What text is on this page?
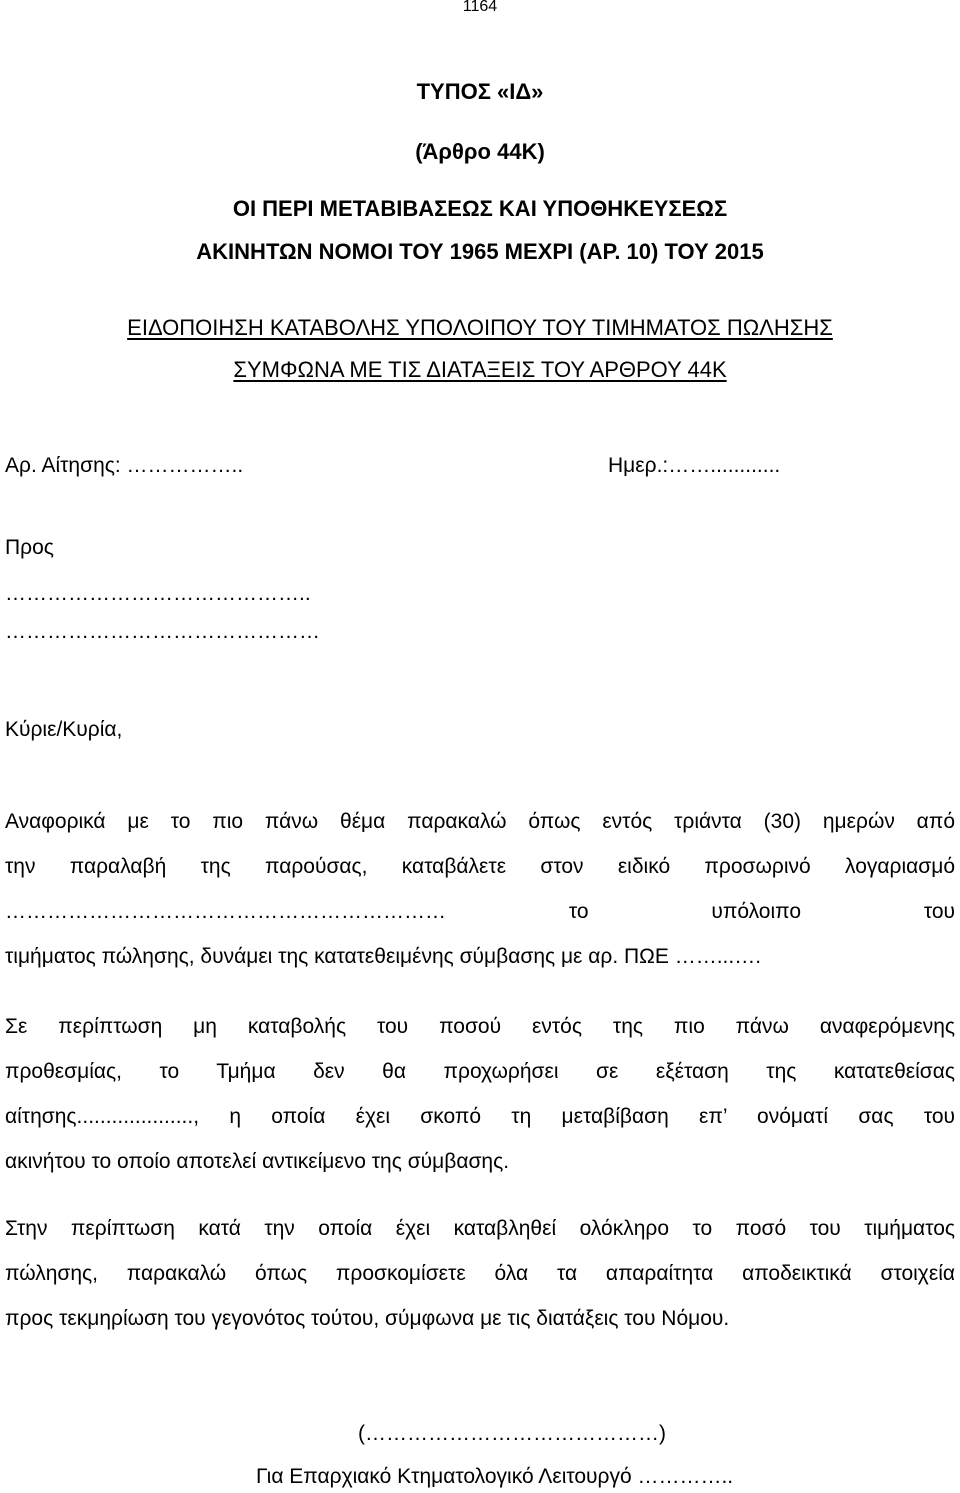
1164
ΤΥΠΟΣ «ΙΔ»
(Άρθρο 44Κ)
ΟΙ ΠΕΡΙ ΜΕΤΑΒΙΒΑΣΕΩΣ ΚΑΙ ΥΠΟΘΗΚΕΥΣΕΩΣ
ΑΚΙΝΗΤΩΝ ΝΟΜΟΙ ΤΟΥ 1965 ΜΕΧΡΙ (ΑΡ. 10) ΤΟΥ 2015
ΕΙΔΟΠΟΙΗΣΗ ΚΑΤΑΒΟΛΗΣ ΥΠΟΛΟΙΠΟΥ ΤΟΥ ΤΙΜΗΜΑΤΟΣ ΠΩΛΗΣΗΣ
ΣΥΜΦΩΝΑ ΜΕ ΤΙΣ ΔΙΑΤΑΞΕΙΣ ΤΟΥ ΑΡΘΡΟΥ 44Κ
Αρ. Αίτησης: ……………..	Ημερ.:……............
Προς
……………………………………..
………………………………………
Κύριε/Κυρία,
Αναφορικά με το πιο πάνω θέμα παρακαλώ όπως εντός τριάντα (30) ημερών από
την παραλαβή της παρούσας, καταβάλετε στον ειδικό προσωρινό λογαριασμό
………………………………………………………	το υπόλοιπο του
τιμήματος πώλησης, δυνάμει της κατατεθειμένης σύμβασης με αρ. ΠΩΕ ……...….
Σε περίπτωση μη καταβολής του ποσού εντός της πιο πάνω αναφερόμενης
προθεσμίας, το Τμήμα δεν θα προχωρήσει σε εξέταση της κατατεθείσας
αίτησης...................., η οποία έχει σκοπό τη μεταβίβαση επ’ ονόματί σας του
ακινήτου το οποίο αποτελεί αντικείμενο της σύμβασης.
Στην περίπτωση κατά την οποία έχει καταβληθεί ολόκληρο το ποσό του τιμήματος
πώλησης, παρακαλώ όπως προσκομίσετε όλα τα απαραίτητα αποδεικτικά στοιχεία
προς τεκμηρίωση του γεγονότος τούτου, σύμφωνα με τις διατάξεις του Νόμου.
(……………………………………)
Για Επαρχιακό Κτηματολογικό Λειτουργό …………..
